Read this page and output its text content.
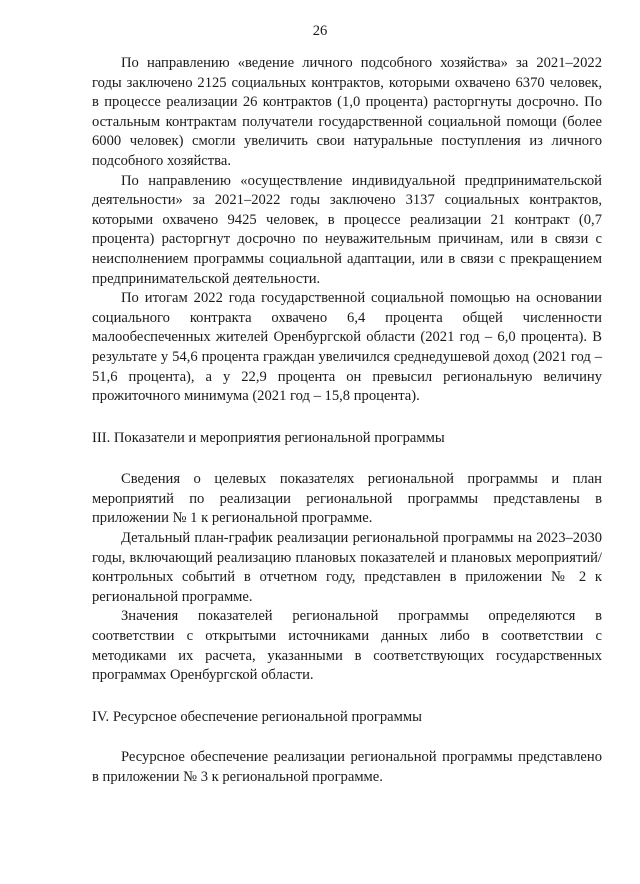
26

По направлению «ведение личного подсобного хозяйства» за 2021–2022 годы заключено 2125 социальных контрактов, которыми охвачено 6370 человек, в процессе реализации 26 контрактов (1,0 процента) расторгнуты досрочно. По остальным контрактам получатели государственной социальной помощи (более 6000 человек) смогли увеличить свои натуральные поступления из личного подсобного хозяйства.

По направлению «осуществление индивидуальной предпринимательской деятельности» за 2021–2022 годы заключено 3137 социальных контрактов, которыми охвачено 9425 человек, в процессе реализации 21 контракт (0,7 процента) расторгнут досрочно по неуважительным причинам, или в связи с неисполнением программы социальной адаптации, или в связи с прекращением предпринимательской деятельности.

По итогам 2022 года государственной социальной помощью на основании социального контракта охвачено 6,4 процента общей численности малообеспеченных жителей Оренбургской области (2021 год – 6,0 процента). В результате у 54,6 процента граждан увеличился среднедушевой доход (2021 год – 51,6 процента), а у 22,9 процента он превысил региональную величину прожиточного минимума (2021 год – 15,8 процента).

III. Показатели и мероприятия региональной программы

Сведения о целевых показателях региональной программы и план мероприятий по реализации региональной программы представлены в приложении № 1 к региональной программе.

Детальный план-график реализации региональной программы на 2023–2030 годы, включающий реализацию плановых показателей и плановых мероприятий/контрольных событий в отчетном году, представлен в приложении № 2 к региональной программе.

Значения показателей региональной программы определяются в соответствии с открытыми источниками данных либо в соответствии с методиками их расчета, указанными в соответствующих государственных программах Оренбургской области.

IV. Ресурсное обеспечение региональной программы

Ресурсное обеспечение реализации региональной программы представлено в приложении № 3 к региональной программе.
